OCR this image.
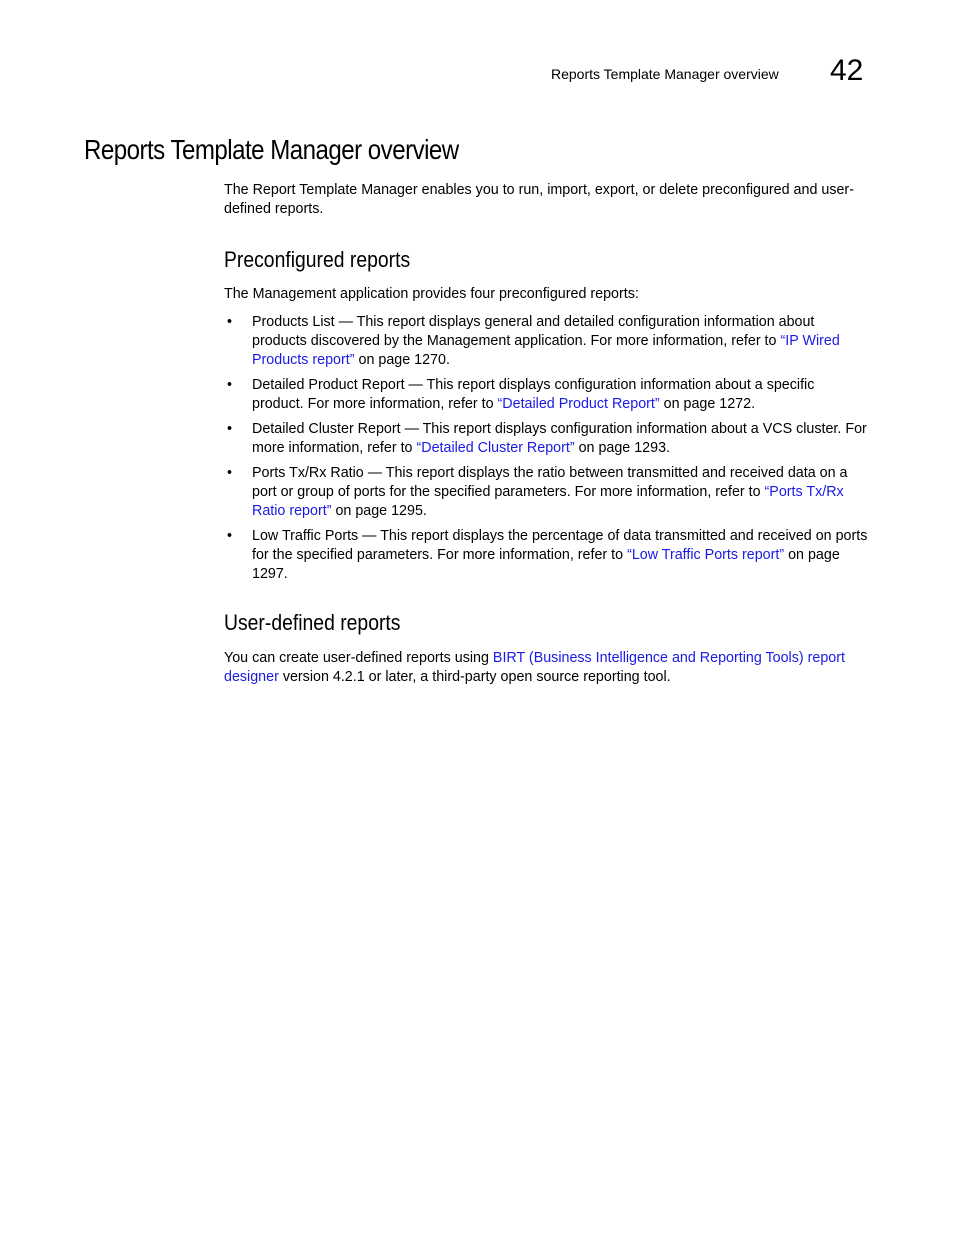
Reports Template Manager overview 42
Reports Template Manager overview

The Report Template Manager enables you to run, import, export, or delete preconfigured and user-defined reports.

Preconfigured reports

The Management application provides four preconfigured reports:

• Products List — This report displays general and detailed configuration information about products discovered by the Management application. For more information, refer to “IP Wired Products report” on page 1270.
• Detailed Product Report — This report displays configuration information about a specific product. For more information, refer to “Detailed Product Report” on page 1272.
• Detailed Cluster Report — This report displays configuration information about a VCS cluster. For more information, refer to “Detailed Cluster Report” on page 1293.
• Ports Tx/Rx Ratio — This report displays the ratio between transmitted and received data on a port or group of ports for the specified parameters. For more information, refer to “Ports Tx/Rx Ratio report” on page 1295.
• Low Traffic Ports — This report displays the percentage of data transmitted and received on ports for the specified parameters. For more information, refer to “Low Traffic Ports report” on page 1297.
User-defined reports

You can create user-defined reports using BIRT (Business Intelligence and Reporting Tools) report designer version 4.2.1 or later, a third-party open source reporting tool.
